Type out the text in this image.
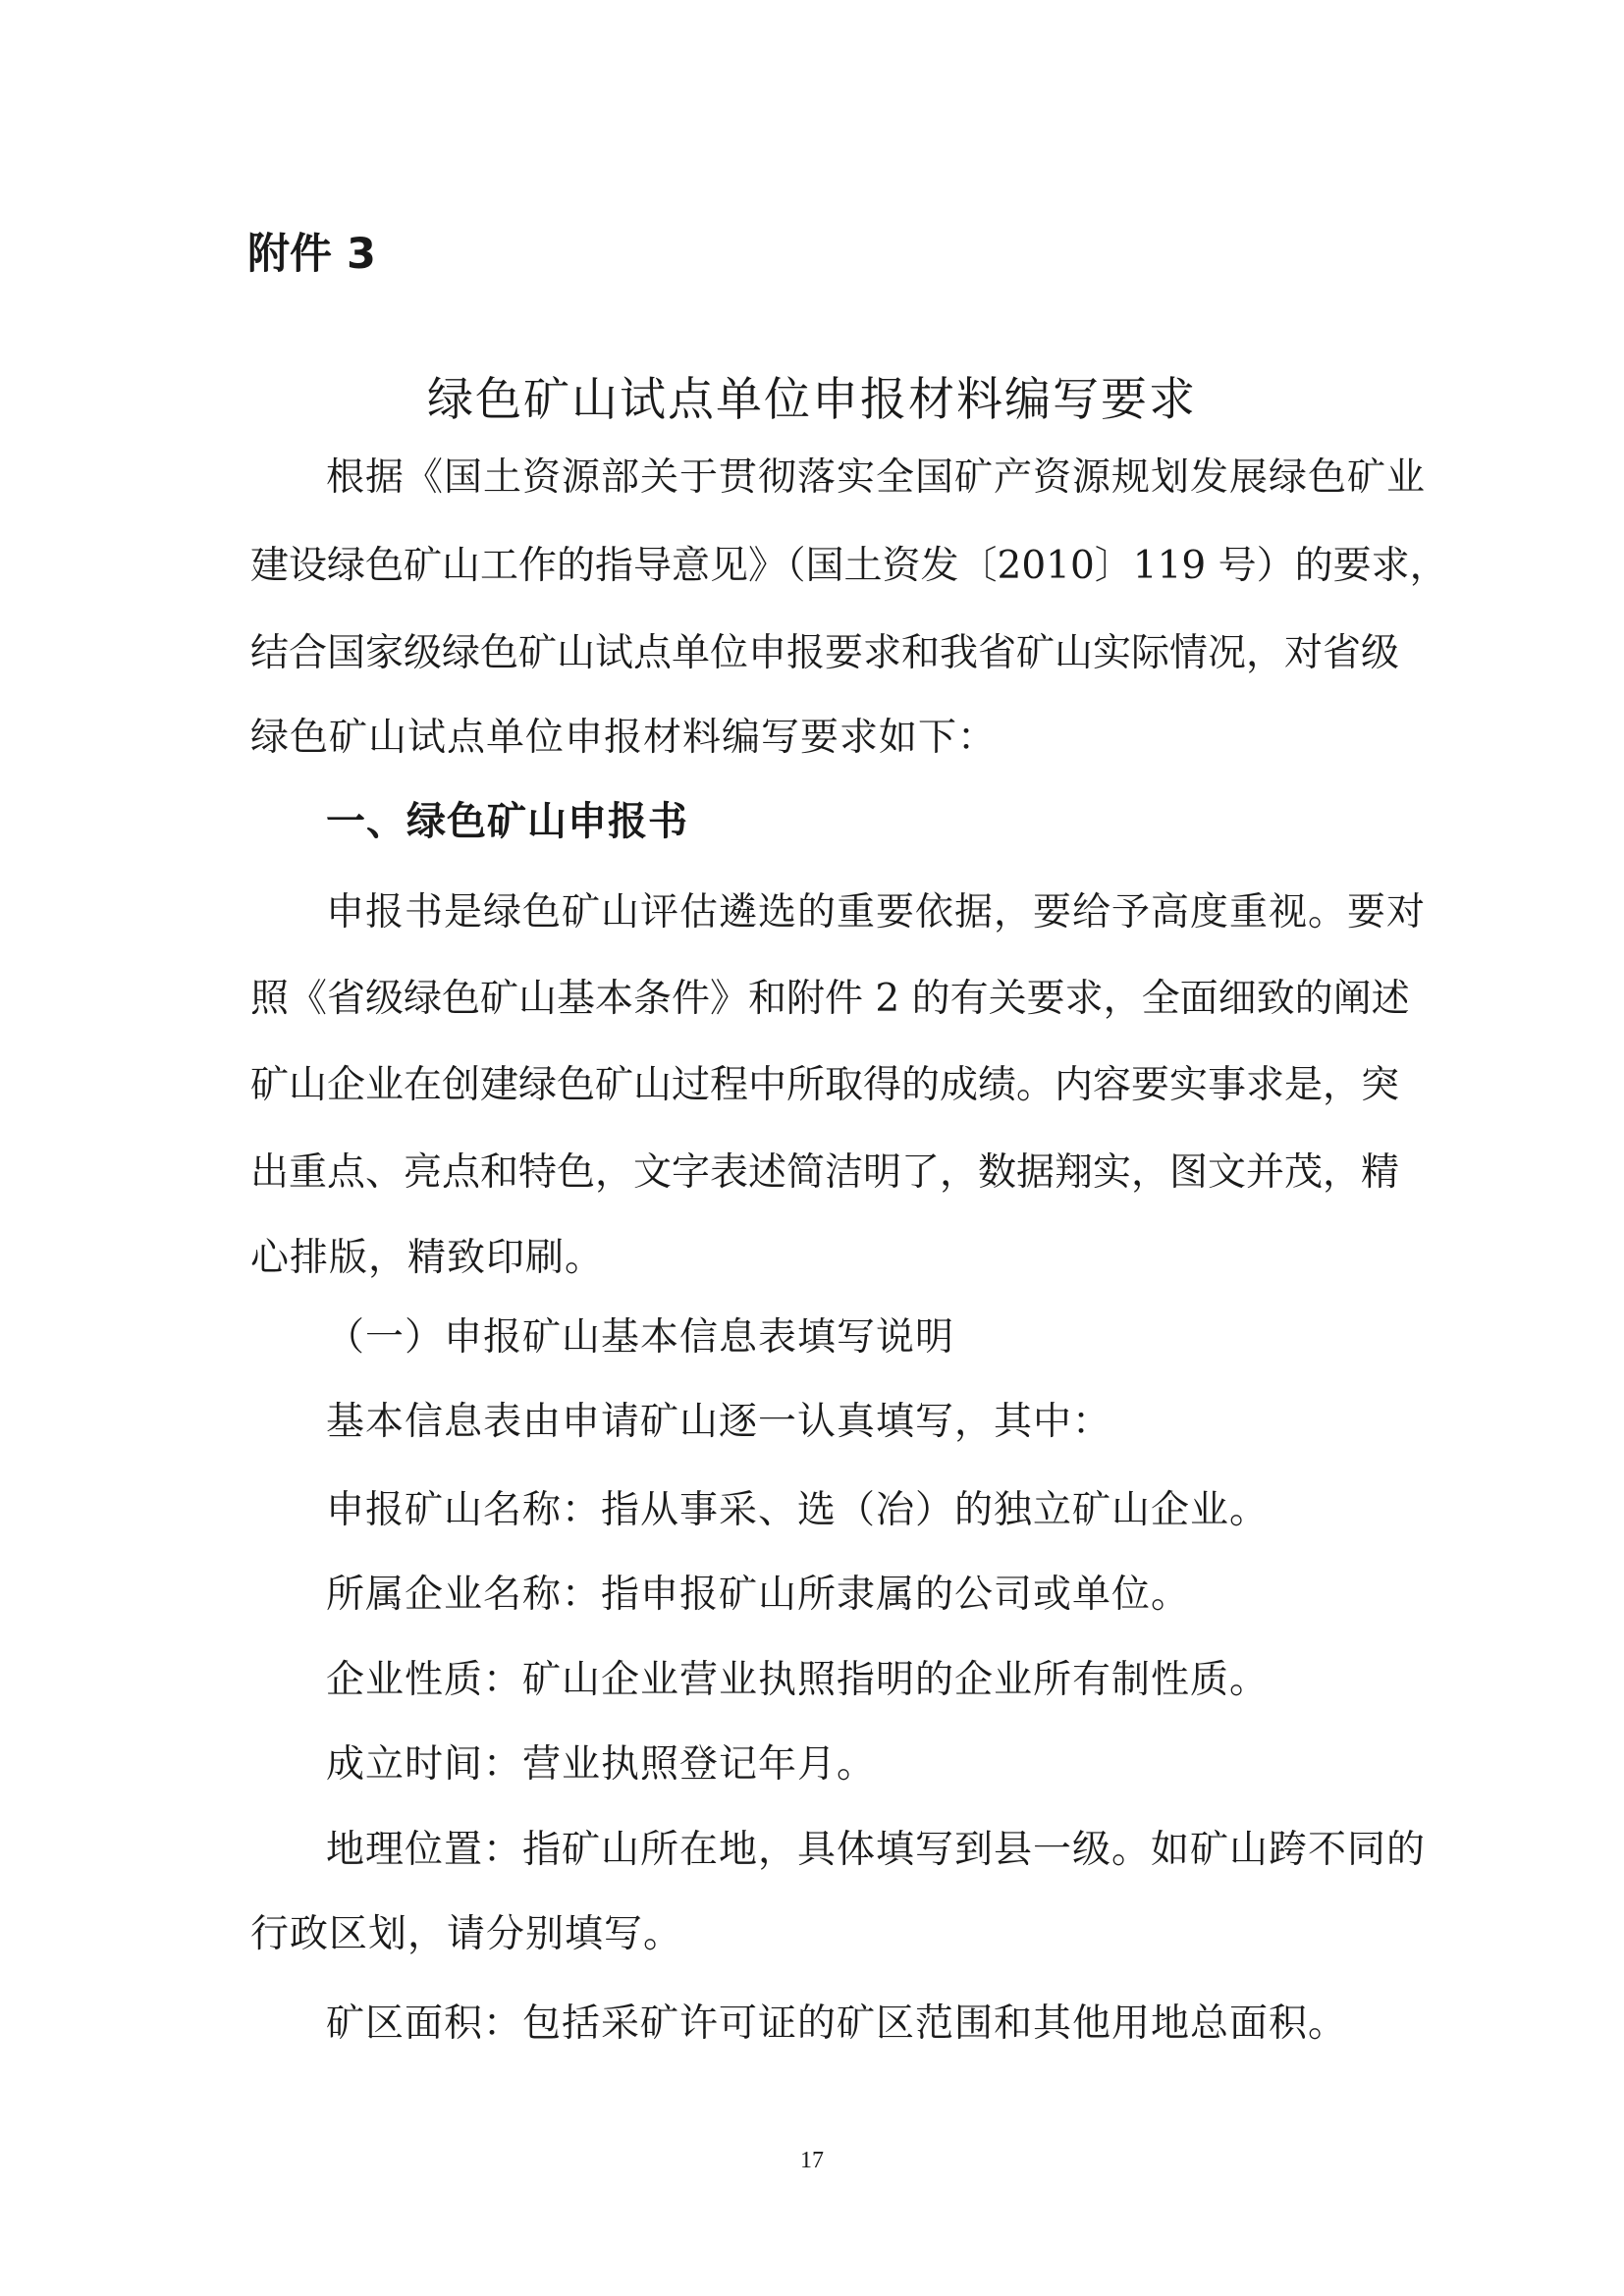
附件 3
绿色矿山试点单位申报材料编写要求
根据《国土资源部关于贯彻落实全国矿产资源规划发展绿色矿业
建设绿色矿山工作的指导意见》（国土资发〔2010〕119 号）的要求，
结合国家级绿色矿山试点单位申报要求和我省矿山实际情况，对省级
绿色矿山试点单位申报材料编写要求如下：
一、绿色矿山申报书
申报书是绿色矿山评估遴选的重要依据，要给予高度重视。要对
照《省级绿色矿山基本条件》和附件 2 的有关要求，全面细致的阐述
矿山企业在创建绿色矿山过程中所取得的成绩。内容要实事求是，突
出重点、亮点和特色，文字表述简洁明了，数据翔实，图文并茂，精
心排版，精致印刷。
（一）申报矿山基本信息表填写说明
基本信息表由申请矿山逐一认真填写，其中：
申报矿山名称：指从事采、选（冶）的独立矿山企业。
所属企业名称：指申报矿山所隶属的公司或单位。
企业性质：矿山企业营业执照指明的企业所有制性质。
成立时间：营业执照登记年月。
地理位置：指矿山所在地，具体填写到县一级。如矿山跨不同的
行政区划，请分别填写。
矿区面积：包括采矿许可证的矿区范围和其他用地总面积。
17
